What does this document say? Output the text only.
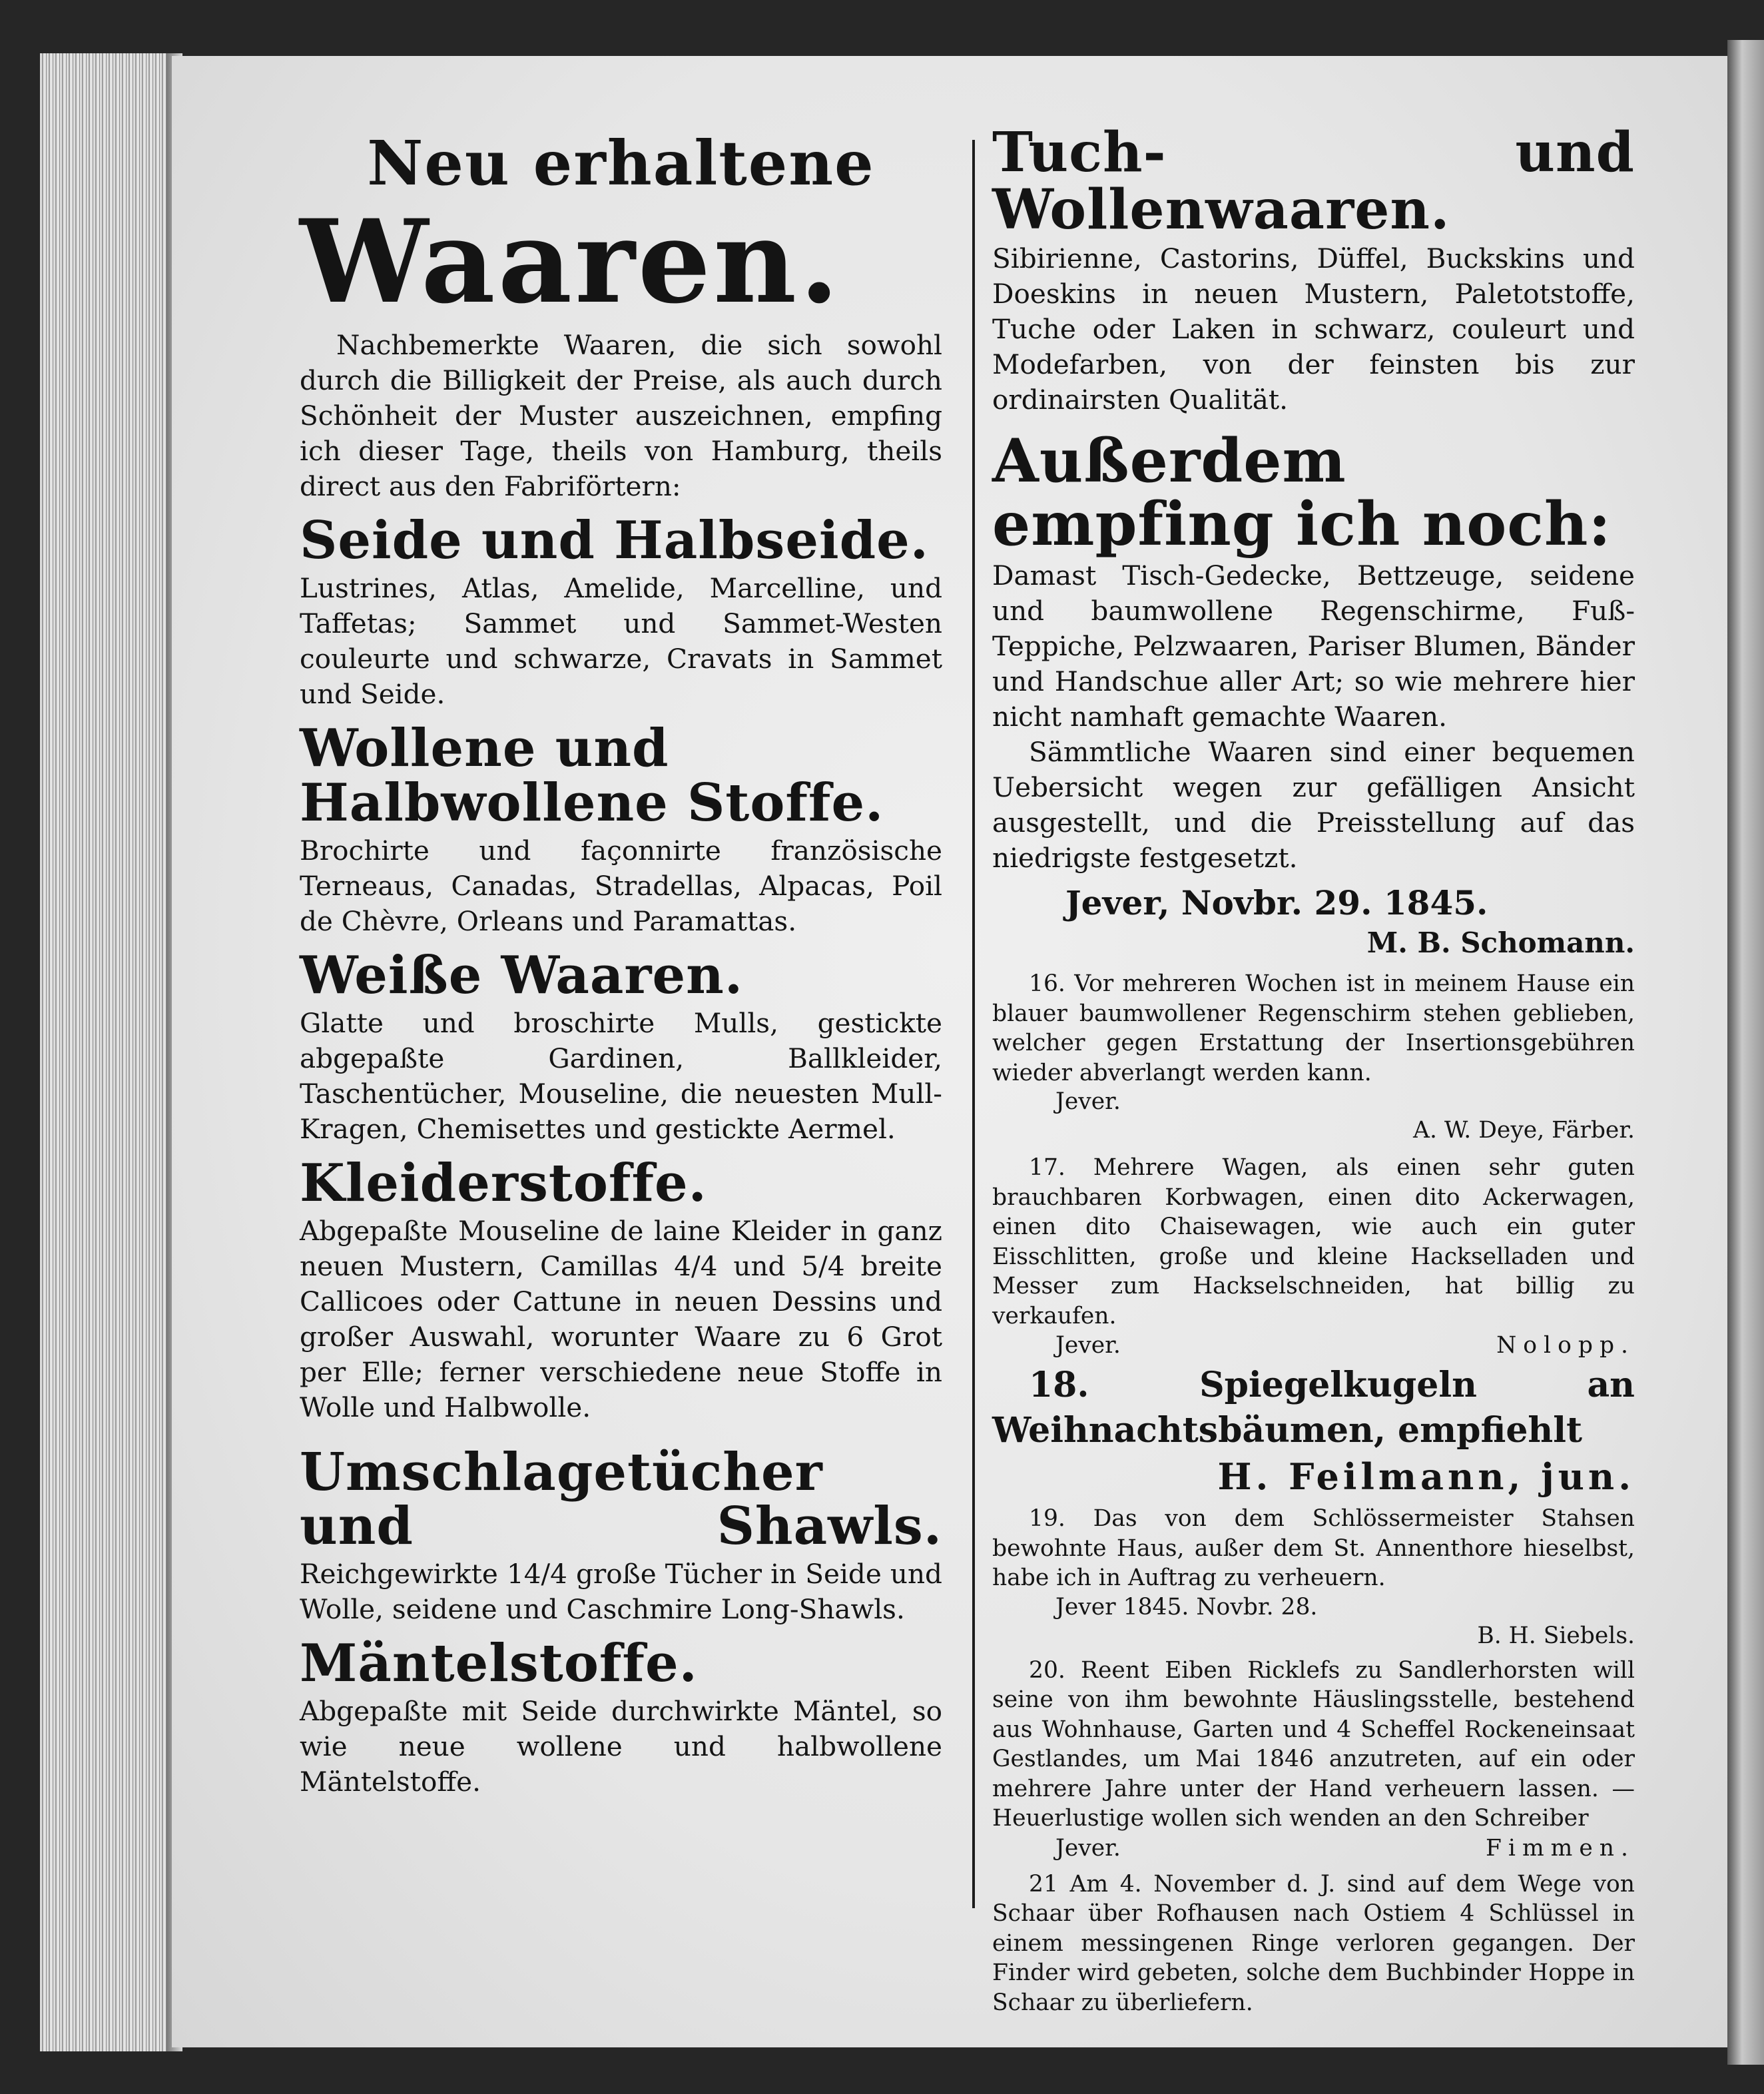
Neu erhaltene
Waaren.

Nachbemerkte Waaren, die sich sowohl durch die Billigkeit der Preise, als auch durch Schönheit der Muster auszeichnen, empfing ich dieser Tage, theils von Hamburg, theils direct aus den Fabriförtern:

Seide und Halbseide.

Lustrines, Atlas, Amelide, Marcelline, und Taffetas; Sammet und Sammet-Westen couleurte und schwarze, Cravats in Sammet und Seide.

Wollene und Halbwollene Stoffe.

Brochirte und façonnirte französische Terneaus, Canadas, Stradellas, Alpacas, Poil de Chèvre, Orleans und Paramattas.

Weiße Waaren.

Glatte und broschirte Mulls, gestickte abgepaßte Gardinen, Ballkleider, Taschentücher, Mouseline, die neuesten Mull-Kragen, Chemisettes und gestickte Aermel.

Kleiderstoffe.

Abgepaßte Mouseline de laine Kleider in ganz neuen Mustern, Camillas 4/4 und 5/4 breite Callicoes oder Cattune in neuen Dessins und großer Auswahl, worunter Waare zu 6 Grot per Elle; ferner verschiedene neue Stoffe in Wolle und Halbwolle.

Umschlagetücher und Shawls.

Reichgewirkte 14/4 große Tücher in Seide und Wolle, seidene und Caschmire Long-Shawls.

Mäntelstoffe.

Abgepaßte mit Seide durchwirkte Mäntel, so wie neue wollene und halbwollene Mäntelstoffe.

Tuch- und Wollenwaaren.

Sibirienne, Castorins, Düffel, Buckskins und Doeskins in neuen Mustern, Paletotstoffe, Tuche oder Laken in schwarz, couleurt und Modefarben, von der feinsten bis zur ordinairsten Qualität.

Außerdem empfing ich noch:

Damast Tisch-Gedecke, Bettzeuge, seidene und baumwollene Regenschirme, Fuß-Teppiche, Pelzwaaren, Pariser Blumen, Bänder und Handschue aller Art; so wie mehrere hier nicht namhaft gemachte Waaren.

Sämmtliche Waaren sind einer bequemen Uebersicht wegen zur gefälligen Ansicht ausgestellt, und die Preisstellung auf das niedrigste festgesetzt.

Jever, Novbr. 29. 1845.

M. B. Schomann.

16. Vor mehreren Wochen ist in meinem Hause ein blauer baumwollener Regenschirm stehen geblieben, welcher gegen Erstattung der Insertionsgebühren wieder abverlangt werden kann.

Jever.

A. W. Deye, Färber.

17. Mehrere Wagen, als einen sehr guten brauchbaren Korbwagen, einen dito Ackerwagen, einen dito Chaisewagen, wie auch ein guter Eisschlitten, große und kleine Hackselladen und Messer zum Hackselschneiden, hat billig zu verkaufen.

Jever.	Nolopp.

18. Spiegelkugeln an Weihnachtsbäumen, empfiehlt

H. Feilmann, jun.

19. Das von dem Schlössermeister Stahsen bewohnte Haus, außer dem St. Annenthore hieselbst, habe ich in Auftrag zu verheuern.

Jever 1845. Novbr. 28.

B. H. Siebels.

20. Reent Eiben Ricklefs zu Sandlerhorsten will seine von ihm bewohnte Häuslingsstelle, bestehend aus Wohnhause, Garten und 4 Scheffel Rockeneinsaat Gestlandes, um Mai 1846 anzutreten, auf ein oder mehrere Jahre unter der Hand verheuern lassen. — Heuerlustige wollen sich wenden an den Schreiber

Jever.	Fimmen.

21 Am 4. November d. J. sind auf dem Wege von Schaar über Rofhausen nach Ostiem 4 Schlüssel in einem messingenen Ringe verloren gegangen. Der Finder wird gebeten, solche dem Buchbinder Hoppe in Schaar zu überliefern.
